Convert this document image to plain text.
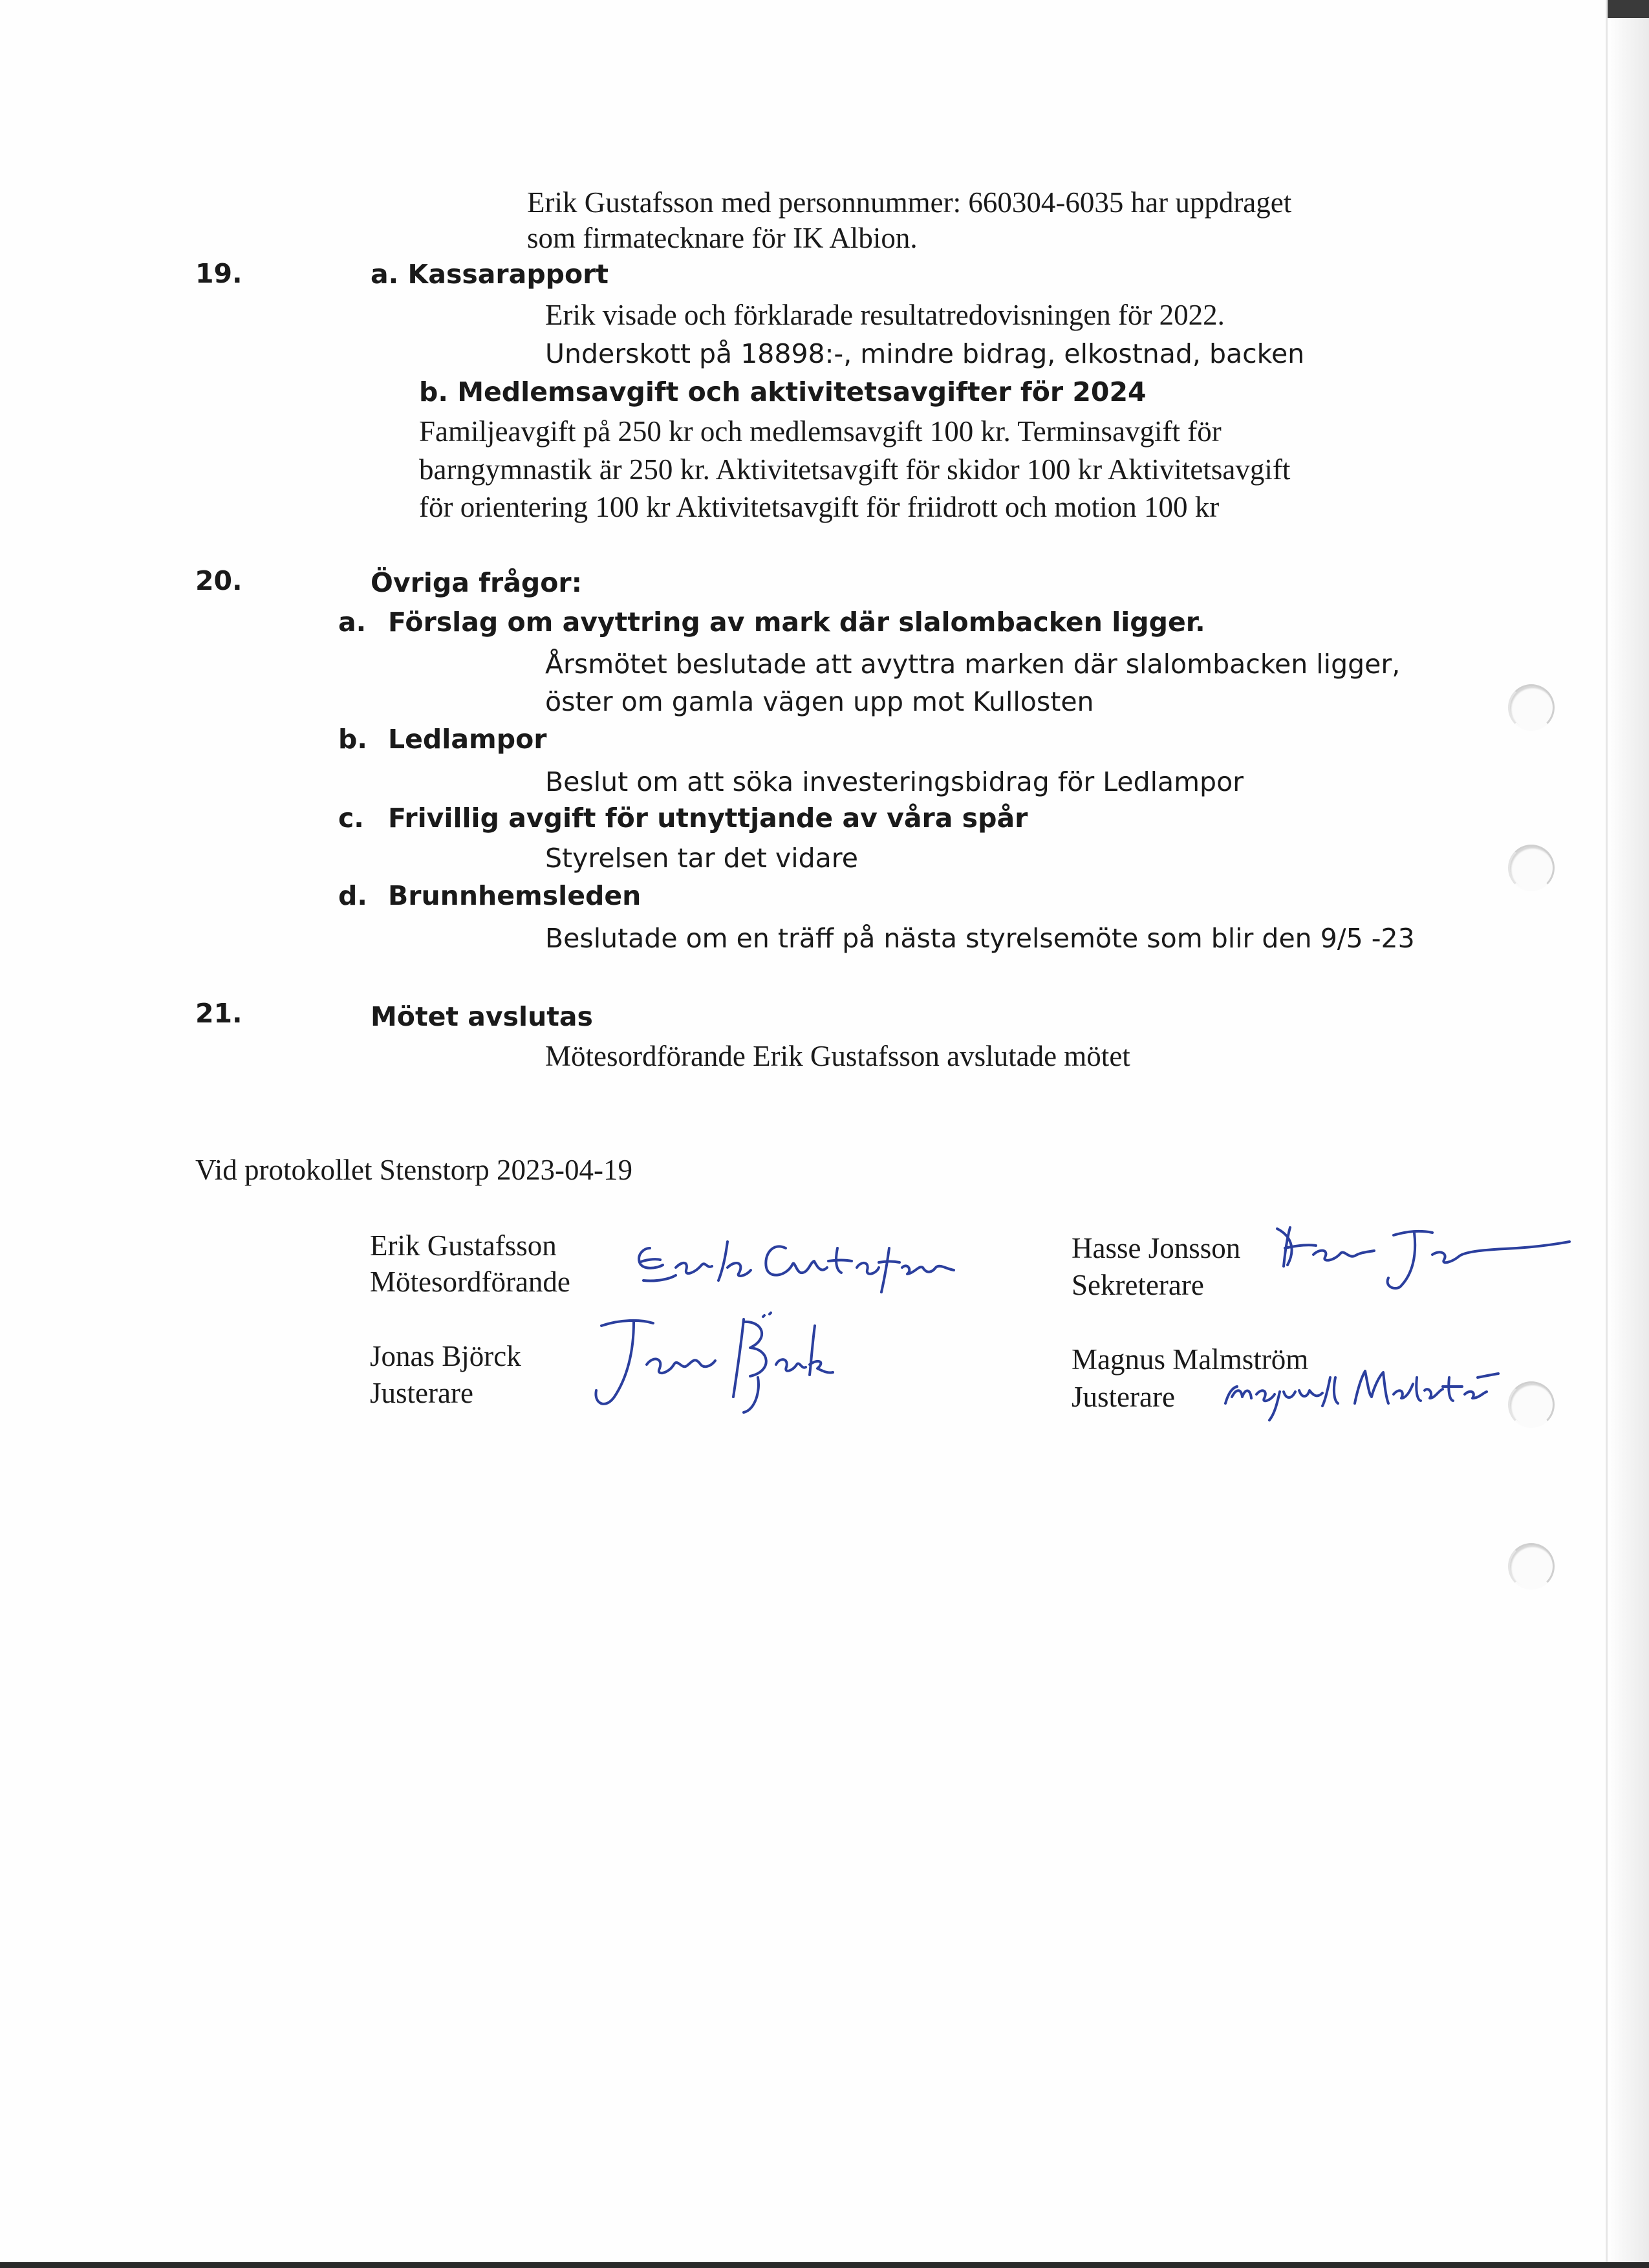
Erik Gustafsson med personnummer: 660304-6035 har uppdraget

som firmatecknare för IK Albion.

19.	a. Kassarapport

Erik visade och förklarade resultatredovisningen för 2022.

Underskott på 18898:-, mindre bidrag, elkostnad, backen

b. Medlemsavgift och aktivitetsavgifter för 2024

Familjeavgift på 250 kr och medlemsavgift 100 kr. Terminsavgift för

barngymnastik är 250 kr. Aktivitetsavgift för skidor 100 kr Aktivitetsavgift

för orientering 100 kr Aktivitetsavgift för friidrott och motion 100 kr

20.	Övriga frågor:

a. Förslag om avyttring av mark där slalombacken ligger.

Årsmötet beslutade att avyttra marken där slalombacken ligger,

öster om gamla vägen upp mot Kullosten

b. Ledlampor

Beslut om att söka investeringsbidrag för Ledlampor

c. Frivillig avgift för utnyttjande av våra spår

Styrelsen tar det vidare

d. Brunnhemsleden

Beslutade om en träff på nästa styrelsemöte som blir den 9/5 -23

21.	Mötet avslutas

Mötesordförande Erik Gustafsson avslutade mötet

Vid protokollet Stenstorp 2023-04-19

Erik Gustafsson

Mötesordförande

Hasse Jonsson

Sekreterare

Jonas Björck

Justerare

Magnus Malmström

Justerare
